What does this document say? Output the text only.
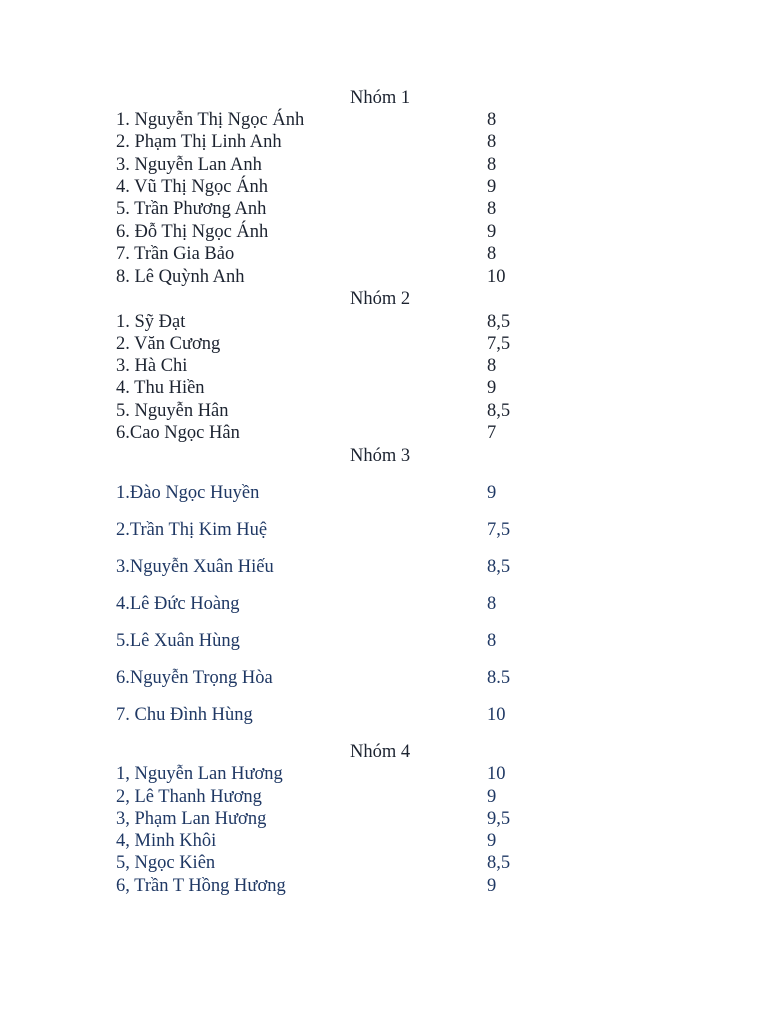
Nhóm 1
1. Nguyễn Thị Ngọc Ánh	8
2. Phạm Thị Linh Anh	8
3. Nguyễn Lan Anh	8
4. Vũ Thị Ngọc Ánh	9
5. Trần Phương Anh	8
6. Đỗ Thị Ngọc Ánh	9
7. Trần Gia Bảo	8
8. Lê Quỳnh Anh	10
Nhóm 2
1. Sỹ Đạt	8,5
2. Văn Cương	7,5
3. Hà Chi	8
4. Thu Hiền	9
5. Nguyễn Hân	8,5
6.Cao Ngọc Hân	7
Nhóm 3
1.Đào Ngọc Huyền	9
2.Trần Thị Kim Huệ	7,5
3.Nguyễn Xuân Hiếu	8,5
4.Lê Đức Hoàng	8
5.Lê Xuân Hùng	8
6.Nguyễn Trọng Hòa	8.5
7. Chu Đình Hùng	10
Nhóm 4
1, Nguyễn Lan Hương	10
2, Lê Thanh Hương	9
3, Phạm Lan Hương	9,5
4, Minh Khôi	9
5, Ngọc Kiên	8,5
6, Trần T Hồng Hương	9
